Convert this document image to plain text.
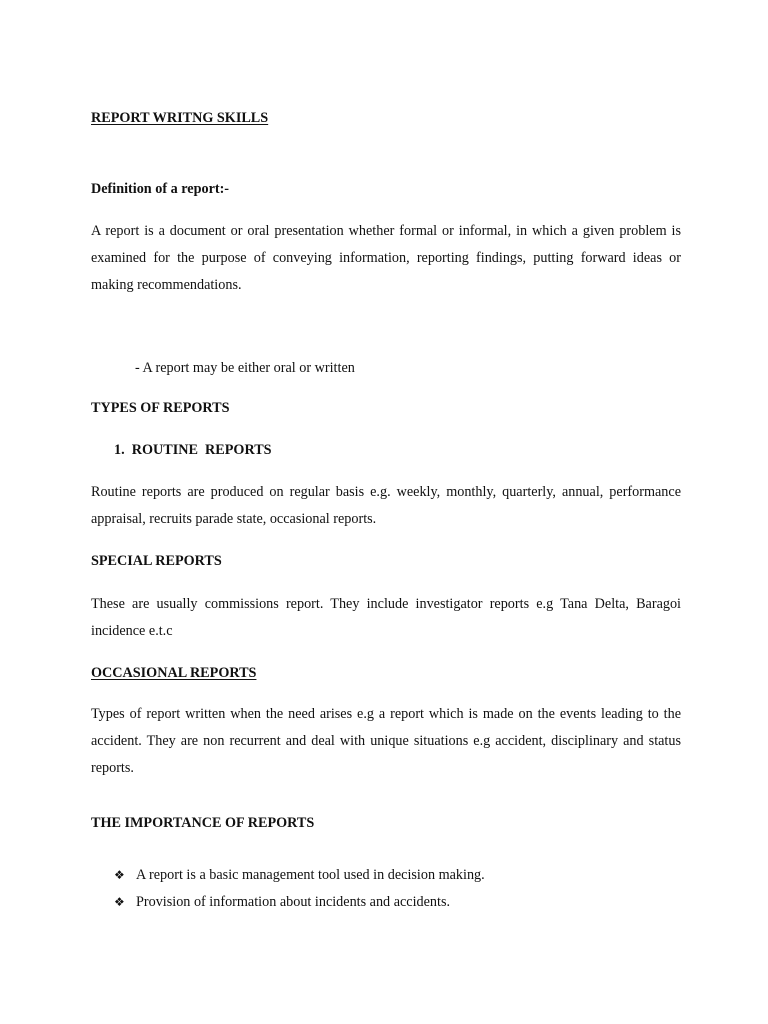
REPORT WRITNG SKILLS

Definition of a report:-

A report is a document or oral presentation whether formal or informal, in which a given problem is examined for the purpose of conveying information, reporting findings, putting forward ideas or making recommendations.

- A report may be either oral or written

TYPES OF REPORTS

1. ROUTINE  REPORTS

Routine reports are produced on regular basis e.g. weekly, monthly, quarterly, annual, performance appraisal, recruits parade state, occasional reports.

SPECIAL REPORTS

These are usually commissions report. They include investigator reports e.g Tana Delta, Baragoi incidence e.t.c

OCCASIONAL REPORTS

Types of report written when the need arises e.g a report which is made on the events leading to the accident. They are non recurrent and deal with unique situations e.g accident, disciplinary and status reports.

THE IMPORTANCE OF REPORTS

❖ A report is a basic management tool used in decision making.
❖ Provision of information about incidents and accidents.
